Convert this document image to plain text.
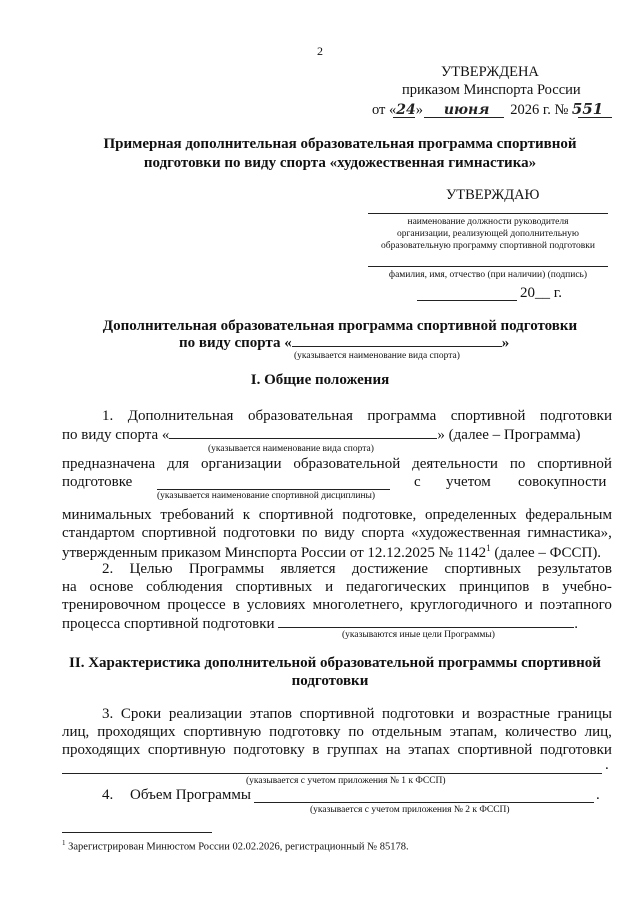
2
УТВЕРЖДЕНА
приказом Минспорта России
от «24» июня 2026 г. № 551
Примерная дополнительная образовательная программа спортивной
подготовки по виду спорта «художественная гимнастика»
УТВЕРЖДАЮ
наименование должности руководителя
организации, реализующей дополнительную
образовательную программу спортивной подготовки
фамилия, имя, отчество (при наличии) (подпись)
20__ г.
Дополнительная образовательная программа спортивной подготовки
по виду спорта «	»
(указывается наименование вида спорта)
I. Общие положения
1. Дополнительная образовательная программа спортивной подготовки
по виду спорта «	» (далее – Программа)
(указывается наименование вида спорта)
предназначена для организации образовательной деятельности по спортивной
подготовке	с учетом совокупности
(указывается наименование спортивной дисциплины)
минимальных требований к спортивной подготовке, определенных федеральным
стандартом спортивной подготовки по виду спорта «художественная гимнастика»,
утвержденным приказом Минспорта России от 12.12.2025 № 1142$^1$ (далее – ФССП).
2. Целью Программы является достижение спортивных результатов
на основе соблюдения спортивных и педагогических принципов в учебно-
тренировочном процессе в условиях многолетнего, круглогодичного и поэтапного
процесса спортивной подготовки	.
(указываются иные цели Программы)
II. Характеристика дополнительной образовательной программы спортивной
подготовки
3. Сроки реализации этапов спортивной подготовки и возрастные границы
лиц, проходящих спортивную подготовку по отдельным этапам, количество лиц,
проходящих спортивную подготовку в группах на этапах спортивной подготовки
.
(указывается с учетом приложения № 1 к ФССП)
4. Объем Программы	.
(указывается с учетом приложения № 2 к ФССП)
$^1$ Зарегистрирован Минюстом России 02.02.2026, регистрационный № 85178.
